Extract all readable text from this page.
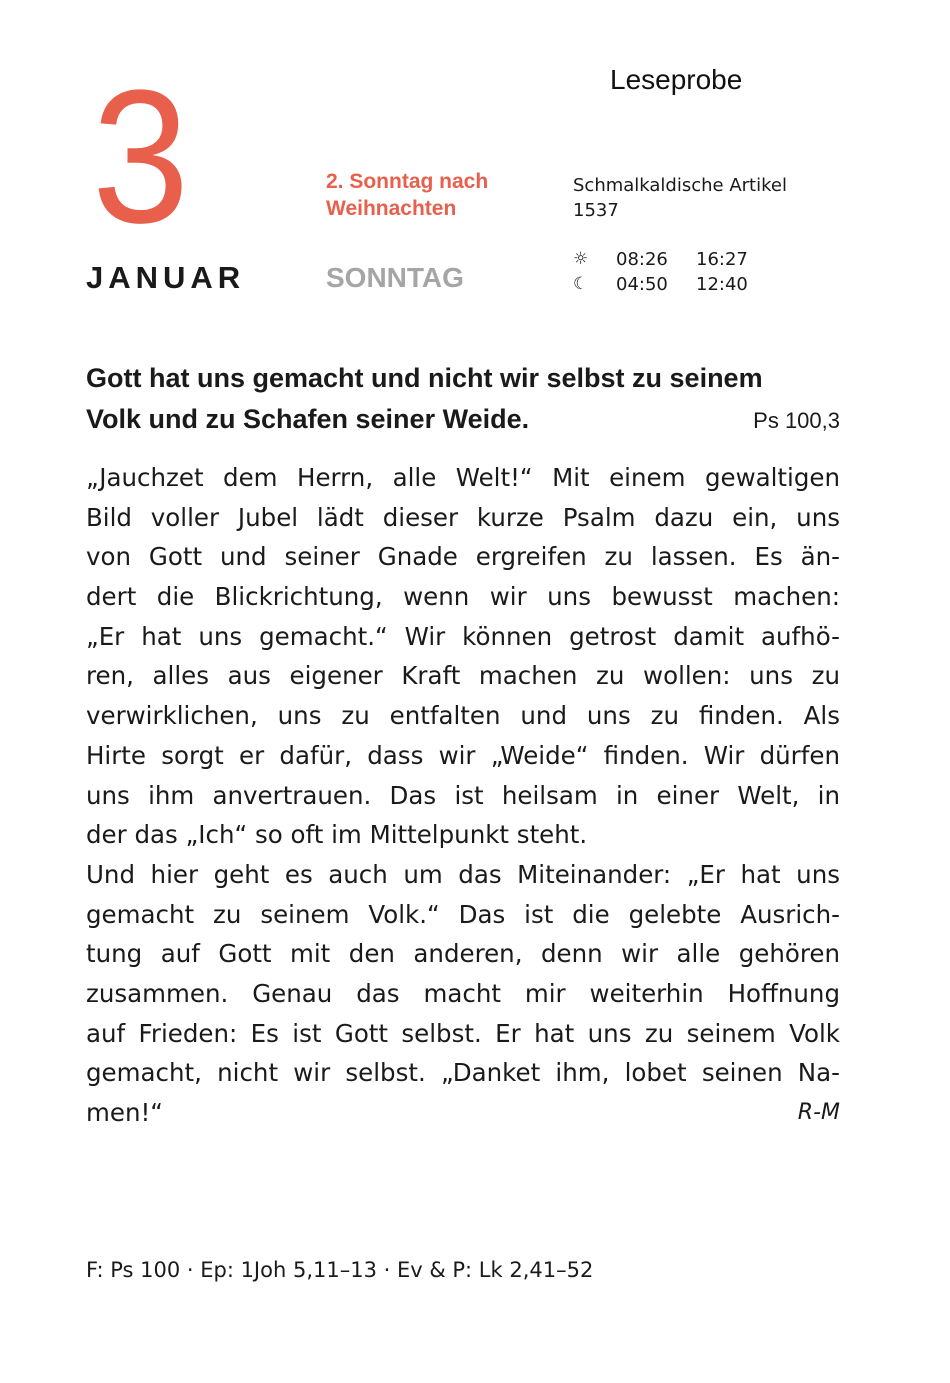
Leseprobe
3
JANUAR
2. Sonntag nach
Weihnachten
SONNTAG
Schmalkaldische Artikel
1537
☼	08:26	16:27
☾	04:50	12:40
Gott hat uns gemacht und nicht wir selbst zu seinem
Volk und zu Schafen seiner Weide.	Ps 100,3
„Jauchzet dem Herrn, alle Welt!“ Mit einem gewaltigen
Bild voller Jubel lädt dieser kurze Psalm dazu ein, uns
von Gott und seiner Gnade ergreifen zu lassen. Es än-
dert die Blickrichtung, wenn wir uns bewusst machen:
„Er hat uns gemacht.“ Wir können getrost damit aufhö-
ren, alles aus eigener Kraft machen zu wollen: uns zu
verwirklichen, uns zu entfalten und uns zu finden. Als
Hirte sorgt er dafür, dass wir „Weide“ finden. Wir dürfen
uns ihm anvertrauen. Das ist heilsam in einer Welt, in
der das „Ich“ so oft im Mittelpunkt steht.
Und hier geht es auch um das Miteinander: „Er hat uns
gemacht zu seinem Volk.“ Das ist die gelebte Ausrich-
tung auf Gott mit den anderen, denn wir alle gehören
zusammen. Genau das macht mir weiterhin Hoffnung
auf Frieden: Es ist Gott selbst. Er hat uns zu seinem Volk
gemacht, nicht wir selbst. „Danket ihm, lobet seinen Na-
men!“	R-M
F: Ps 100 · Ep: 1Joh 5,11–13 · Ev & P: Lk 2,41–52
